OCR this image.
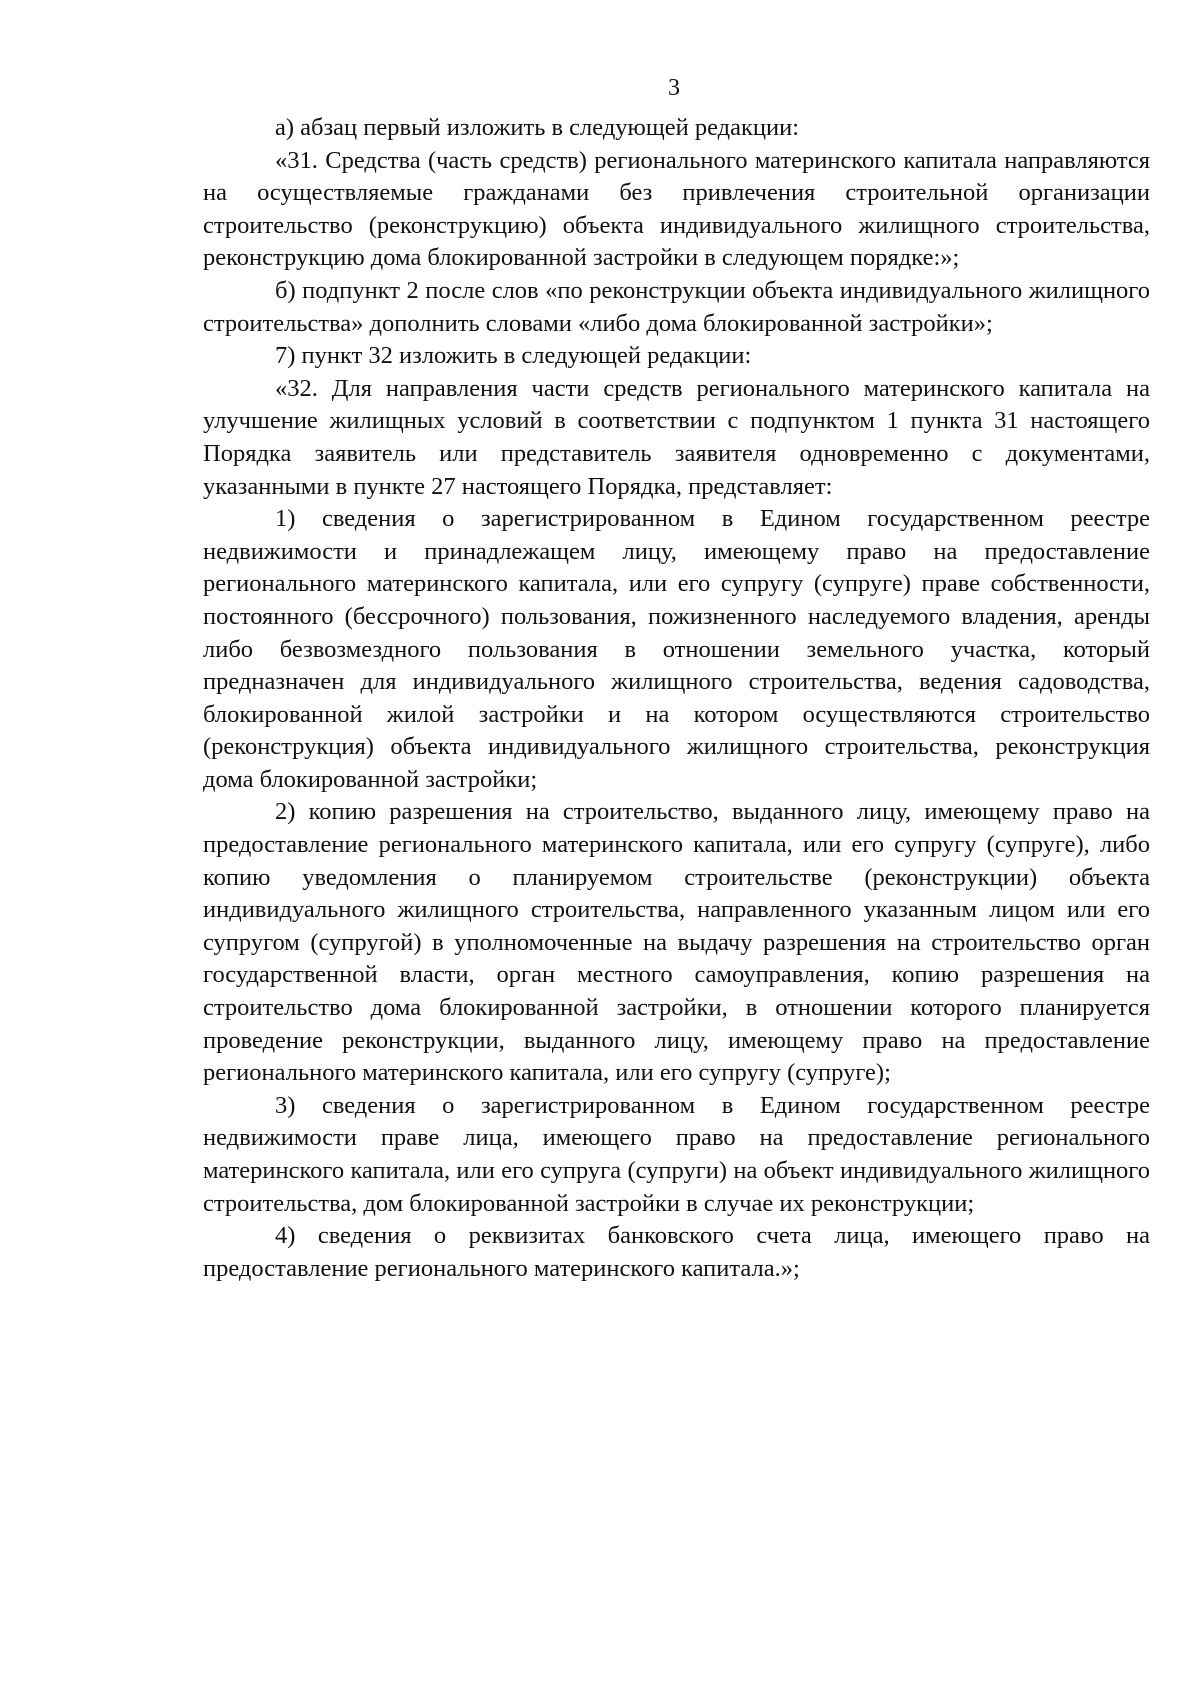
3

а) абзац первый изложить в следующей редакции:

«31. Средства (часть средств) регионального материнского капитала направляются на осуществляемые гражданами без привлечения строительной организации строительство (реконструкцию) объекта индивидуального жилищного строительства, реконструкцию дома блокированной застройки в следующем порядке:»;

б) подпункт 2 после слов «по реконструкции объекта индивидуального жилищного строительства» дополнить словами «либо дома блокированной застройки»;

7) пункт 32 изложить в следующей редакции:

«32. Для направления части средств регионального материнского капитала на улучшение жилищных условий в соответствии с подпунктом 1 пункта 31 настоящего Порядка заявитель или представитель заявителя одновременно с документами, указанными в пункте 27 настоящего Порядка, представляет:

1) сведения о зарегистрированном в Едином государственном реестре недвижимости и принадлежащем лицу, имеющему право на предоставление регионального материнского капитала, или его супругу (супруге) праве собственности, постоянного (бессрочного) пользования, пожизненного наследуемого владения, аренды либо безвозмездного пользования в отношении земельного участка, который предназначен для индивидуального жилищного строительства, ведения садоводства, блокированной жилой застройки и на котором осуществляются строительство (реконструкция) объекта индивидуального жилищного строительства, реконструкция дома блокированной застройки;

2) копию разрешения на строительство, выданного лицу, имеющему право на предоставление регионального материнского капитала, или его супругу (супруге), либо копию уведомления о планируемом строительстве (реконструкции) объекта индивидуального жилищного строительства, направленного указанным лицом или его супругом (супругой) в уполномоченные на выдачу разрешения на строительство орган государственной власти, орган местного самоуправления, копию разрешения на строительство дома блокированной застройки, в отношении которого планируется проведение реконструкции, выданного лицу, имеющему право на предоставление регионального материнского капитала, или его супругу (супруге);

3) сведения о зарегистрированном в Едином государственном реестре недвижимости праве лица, имеющего право на предоставление регионального материнского капитала, или его супруга (супруги) на объект индивидуального жилищного строительства, дом блокированной застройки в случае их реконструкции;

4) сведения о реквизитах банковского счета лица, имеющего право на предоставление регионального материнского капитала.»;
